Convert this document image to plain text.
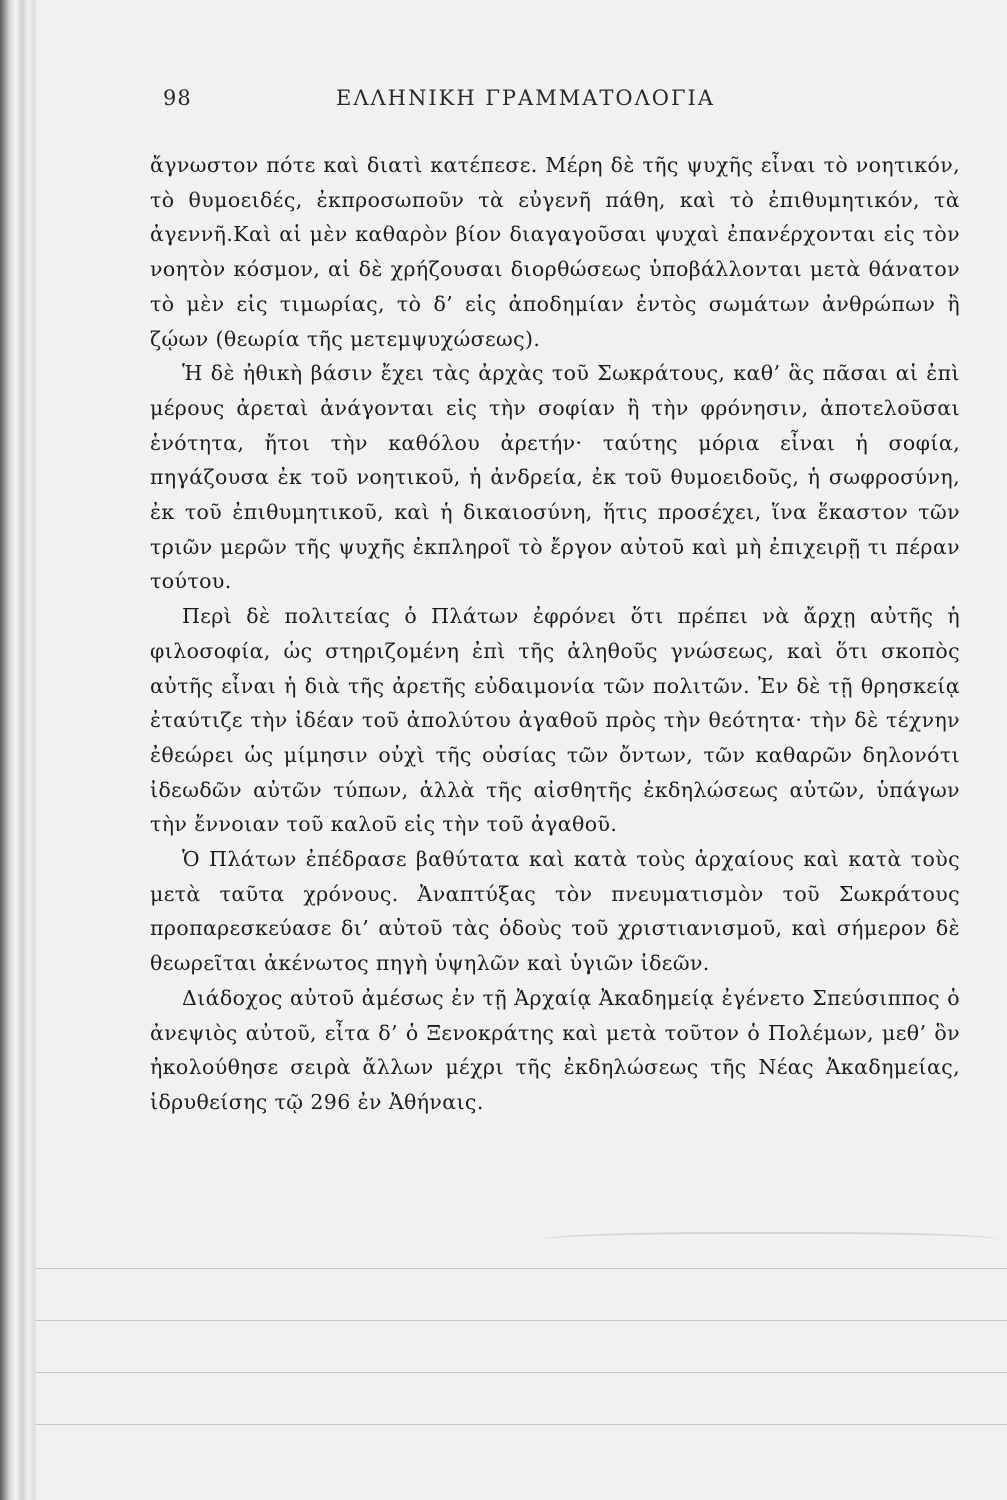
98	ΕΛΛΗΝΙΚΗ ΓΡΑΜΜΑΤΟΛΟΓΙΑ

ἄγνωστον πότε καὶ διατὶ κατέπεσε. Μέρη δὲ τῆς ψυχῆς εἶναι τὸ νοητικόν, τὸ θυμοειδές, ἐκπροσωποῦν τὰ εὐγενῆ πάθη, καὶ τὸ ἐπιθυμητικόν, τὰ ἀγεννῆ.Καὶ αἱ μὲν καθαρὸν βίον διαγαγοῦσαι ψυχαὶ ἐπανέρχονται εἰς τὸν νοητὸν κόσμον, αἱ δὲ χρήζουσαι διορθώσεως ὑποβάλλονται μετὰ θάνατον τὸ μὲν εἰς τιμωρίας, τὸ δ’ εἰς ἀποδημίαν ἐντὸς σωμάτων ἀνθρώπων ἢ ζῴων (θεωρία τῆς μετεμψυχώσεως).

Ἡ δὲ ἠθικὴ βάσιν ἔχει τὰς ἀρχὰς τοῦ Σωκράτους, καθ’ ἃς πᾶσαι αἱ ἐπὶ μέρους ἀρεταὶ ἀνάγονται εἰς τὴν σοφίαν ἢ τὴν φρόνησιν, ἀποτελοῦσαι ἑνότητα, ἤτοι τὴν καθόλου ἀρετήν· ταύτης μόρια εἶναι ἡ σοφία, πηγάζουσα ἐκ τοῦ νοητικοῦ, ἡ ἀνδρεία, ἐκ τοῦ θυμοειδοῦς, ἡ σωφροσύνη, ἐκ τοῦ ἐπιθυμητικοῦ, καὶ ἡ δικαιοσύνη, ἥτις προσέχει, ἵνα ἕκαστον τῶν τριῶν μερῶν τῆς ψυχῆς ἐκπληροῖ τὸ ἔργον αὐτοῦ καὶ μὴ ἐπιχειρῇ τι πέραν τούτου.

Περὶ δὲ πολιτείας ὁ Πλάτων ἐφρόνει ὅτι πρέπει νὰ ἄρχῃ αὐτῆς ἡ φιλοσοφία, ὡς στηριζομένη ἐπὶ τῆς ἀληθοῦς γνώσεως, καὶ ὅτι σκοπὸς αὐτῆς εἶναι ἡ διὰ τῆς ἀρετῆς εὐδαιμονία τῶν πολιτῶν. Ἐν δὲ τῇ θρησκείᾳ ἐταύτιζε τὴν ἰδέαν τοῦ ἀπολύτου ἀγαθοῦ πρὸς τὴν θεότητα· τὴν δὲ τέχνην ἐθεώρει ὡς μίμησιν οὐχὶ τῆς οὐσίας τῶν ὄντων, τῶν καθαρῶν δηλονότι ἰδεωδῶν αὐτῶν τύπων, ἀλλὰ τῆς αἰσθητῆς ἐκδηλώσεως αὐτῶν, ὑπάγων τὴν ἔννοιαν τοῦ καλοῦ εἰς τὴν τοῦ ἀγαθοῦ.

Ὁ Πλάτων ἐπέδρασε βαθύτατα καὶ κατὰ τοὺς ἀρχαίους καὶ κατὰ τοὺς μετὰ ταῦτα χρόνους. Ἀναπτύξας τὸν πνευματισμὸν τοῦ Σωκράτους προπαρεσκεύασε δι’ αὐτοῦ τὰς ὁδοὺς τοῦ χριστιανισμοῦ, καὶ σήμερον δὲ θεωρεῖται ἀκένωτος πηγὴ ὑψηλῶν καὶ ὑγιῶν ἰδεῶν.

Διάδοχος αὐτοῦ ἀμέσως ἐν τῇ Ἀρχαίᾳ Ἀκαδημείᾳ ἐγένετο Σπεύσιππος ὁ ἀνεψιὸς αὐτοῦ, εἶτα δ’ ὁ Ξενοκράτης καὶ μετὰ τοῦτον ὁ Πολέμων, μεθ’ ὃν ἠκολούθησε σειρὰ ἄλλων μέχρι τῆς ἐκδηλώσεως τῆς Νέας Ἀκαδημείας, ἱδρυθείσης τῷ 296 ἐν Ἀθήναις.
